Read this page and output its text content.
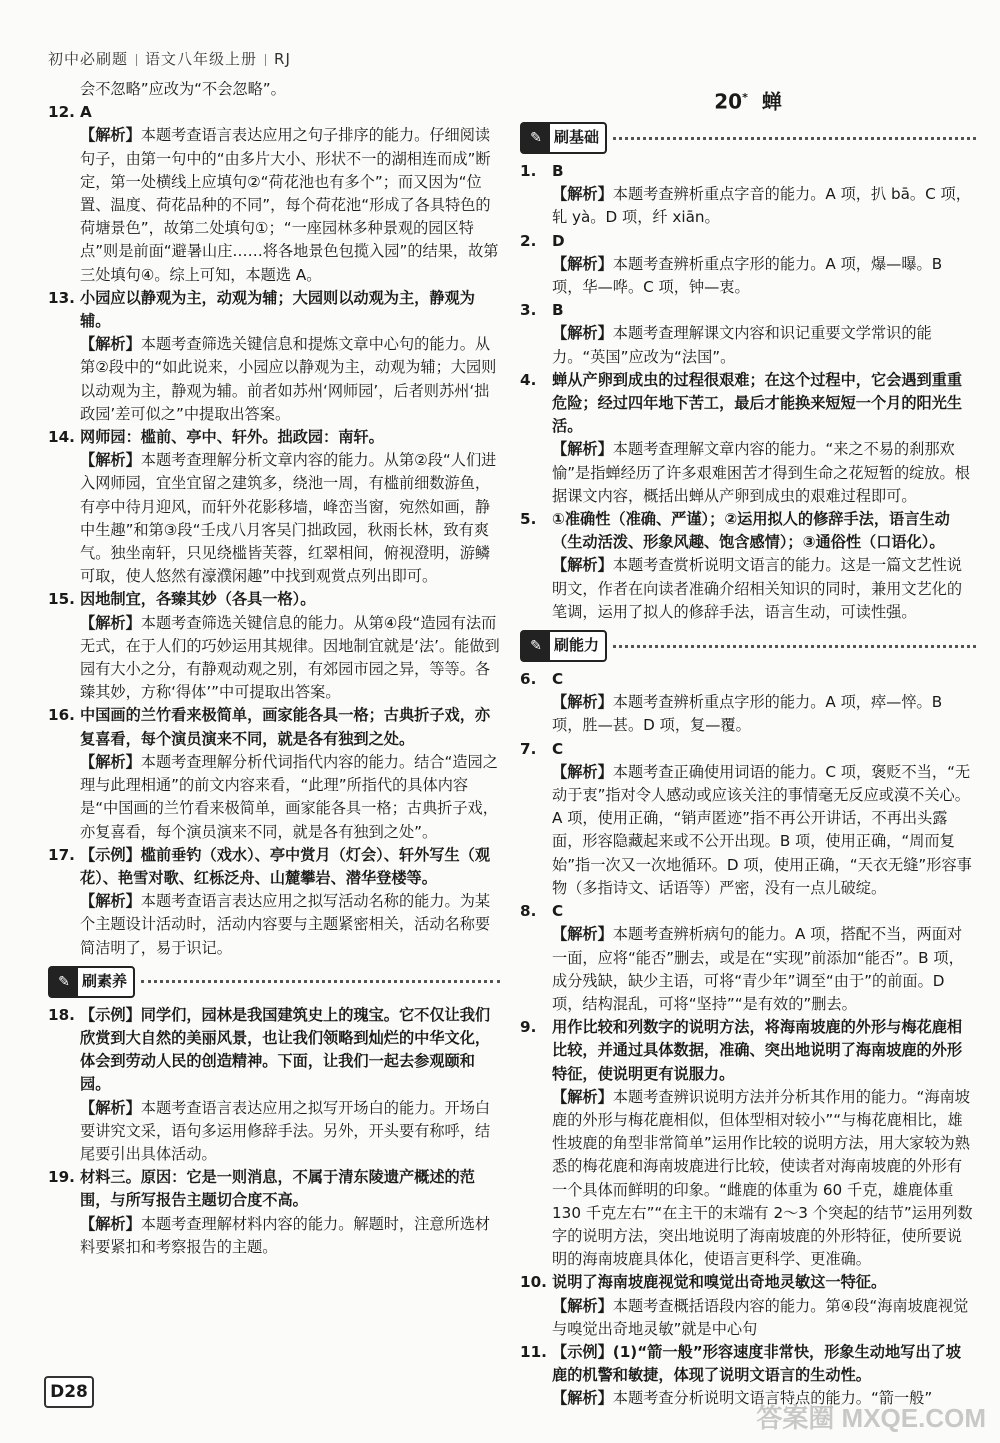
初中必刷题 语文八年级上册 RJ

会不忽略”应改为“不会忽略”。

12. A

【解析】本题考查语言表达应用之句子排序的能力。仔细阅读句子，由第一句中的“由多片大小、形状不一的湖相连而成”断定，第一处横线上应填句②“荷花池也有多个”；而又因为“位置、温度、荷花品种的不同”，每个荷花池“形成了各具特色的荷塘景色”，故第二处填句①；“一座园林多种景观的园区特点”则是前面“避暑山庄……将各地景色包揽入园”的结果，故第三处填句④。综上可知，本题选 A。

13. 小园应以静观为主，动观为辅；大园则以动观为主，静观为辅。

【解析】本题考查筛选关键信息和提炼文章中心句的能力。从第②段中的“如此说来，小园应以静观为主，动观为辅；大园则以动观为主，静观为辅。前者如苏州‘网师园’，后者则苏州‘拙政园’差可似之”中提取出答案。

14. 网师园：槛前、亭中、轩外。拙政园：南轩。

【解析】本题考查理解分析文章内容的能力。从第②段“人们进入网师园，宜坐宜留之建筑多，绕池一周，有槛前细数游鱼，有亭中待月迎风，而轩外花影移墙，峰峦当窗，宛然如画，静中生趣”和第③段“壬戌八月客吴门拙政园，秋雨长林，致有爽气。独坐南轩，只见绕槛皆芙蓉，红翠相间，俯视澄明，游鳞可取，使人悠然有濠濮闲趣”中找到观赏点列出即可。

15. 因地制宜，各臻其妙（各具一格）。

【解析】本题考查筛选关键信息的能力。从第④段“造园有法而无式，在于人们的巧妙运用其规律。因地制宜就是‘法’。能做到园有大小之分，有静观动观之别，有郊园市园之异，等等。各臻其妙，方称‘得体’”中可提取出答案。

16. 中国画的兰竹看来极简单，画家能各具一格；古典折子戏，亦复喜看，每个演员演来不同，就是各有独到之处。

【解析】本题考查理解分析代词指代内容的能力。结合“造园之理与此理相通”的前文内容来看，“此理”所指代的具体内容是“中国画的兰竹看来极简单，画家能各具一格；古典折子戏，亦复喜看，每个演员演来不同，就是各有独到之处”。

17. 【示例】槛前垂钓（戏水）、亭中赏月（灯会）、轩外写生（观花）、艳雪对歌、红栎泛舟、山麓攀岩、潜华登楼等。

【解析】本题考查语言表达应用之拟写活动名称的能力。为某个主题设计活动时，活动内容要与主题紧密相关，活动名称要简洁明了，易于识记。

✎ 刷素养

18. 【示例】同学们，园林是我国建筑史上的瑰宝。它不仅让我们欣赏到大自然的美丽风景，也让我们领略到灿烂的中华文化，体会到劳动人民的创造精神。下面，让我们一起去参观颐和园。

【解析】本题考查语言表达应用之拟写开场白的能力。开场白要讲究文采，语句多运用修辞手法。另外，开头要有称呼，结尾要引出具体活动。

19. 材料三。原因：它是一则消息，不属于清东陵遗产概述的范围，与所写报告主题切合度不高。

【解析】本题考查理解材料内容的能力。解题时，注意所选材料要紧扣和考察报告的主题。

20* 蝉
✎ 刷基础

1. B

【解析】本题考查辨析重点字音的能力。A 项，扒 bā。C 项，轧 yà。D 项，纤 xiān。

2. D

【解析】本题考查辨析重点字形的能力。A 项，爆—曝。B 项，华—哗。C 项，钟—衷。

3. B

【解析】本题考查理解课文内容和识记重要文学常识的能力。“英国”应改为“法国”。

4. 蝉从产卵到成虫的过程很艰难；在这个过程中，它会遇到重重危险；经过四年地下苦工，最后才能换来短短一个月的阳光生活。

【解析】本题考查理解文章内容的能力。“来之不易的刹那欢愉”是指蝉经历了许多艰难困苦才得到生命之花短暂的绽放。根据课文内容，概括出蝉从产卵到成虫的艰难过程即可。

5. ①准确性（准确、严谨）；②运用拟人的修辞手法，语言生动（生动活泼、形象风趣、饱含感情）；③通俗性（口语化）。

【解析】本题考查赏析说明文语言的能力。这是一篇文艺性说明文，作者在向读者准确介绍相关知识的同时，兼用文艺化的笔调，运用了拟人的修辞手法，语言生动，可读性强。

✎ 刷能力

6. C

【解析】本题考查辨析重点字形的能力。A 项，瘁—悴。B 项，胜—甚。D 项，复—覆。

7. C

【解析】本题考查正确使用词语的能力。C 项，褒贬不当，“无动于衷”指对令人感动或应该关注的事情毫无反应或漠不关心。A 项，使用正确，“销声匿迹”指不再公开讲话，不再出头露面，形容隐藏起来或不公开出现。B 项，使用正确，“周而复始”指一次又一次地循环。D 项，使用正确，“天衣无缝”形容事物（多指诗文、话语等）严密，没有一点儿破绽。

8. C

【解析】本题考查辨析病句的能力。A 项，搭配不当，两面对一面，应将“能否”删去，或是在“实现”前添加“能否”。B 项，成分残缺，缺少主语，可将“青少年”调至“由于”的前面。D 项，结构混乱，可将“坚持”“是有效的”删去。

9. 用作比较和列数字的说明方法，将海南坡鹿的外形与梅花鹿相比较，并通过具体数据，准确、突出地说明了海南坡鹿的外形特征，使说明更有说服力。

【解析】本题考查辨识说明方法并分析其作用的能力。“海南坡鹿的外形与梅花鹿相似，但体型相对较小”“与梅花鹿相比，雄性坡鹿的角型非常简单”运用作比较的说明方法，用大家较为熟悉的梅花鹿和海南坡鹿进行比较，使读者对海南坡鹿的外形有一个具体而鲜明的印象。“雌鹿的体重为 60 千克，雄鹿体重 130 千克左右”“在主干的末端有 2～3 个突起的结节”运用列数字的说明方法，突出地说明了海南坡鹿的外形特征，使所要说明的海南坡鹿具体化，使语言更科学、更准确。

10. 说明了海南坡鹿视觉和嗅觉出奇地灵敏这一特征。

【解析】本题考查概括语段内容的能力。第④段“海南坡鹿视觉与嗅觉出奇地灵敏”就是中心句

11. 【示例】(1)“箭一般”形容速度非常快，形象生动地写出了坡鹿的机警和敏捷，体现了说明文语言的生动性。

【解析】本题考查分析说明文语言特点的能力。“箭一般”

D28
答案圈 MXQE.COM
